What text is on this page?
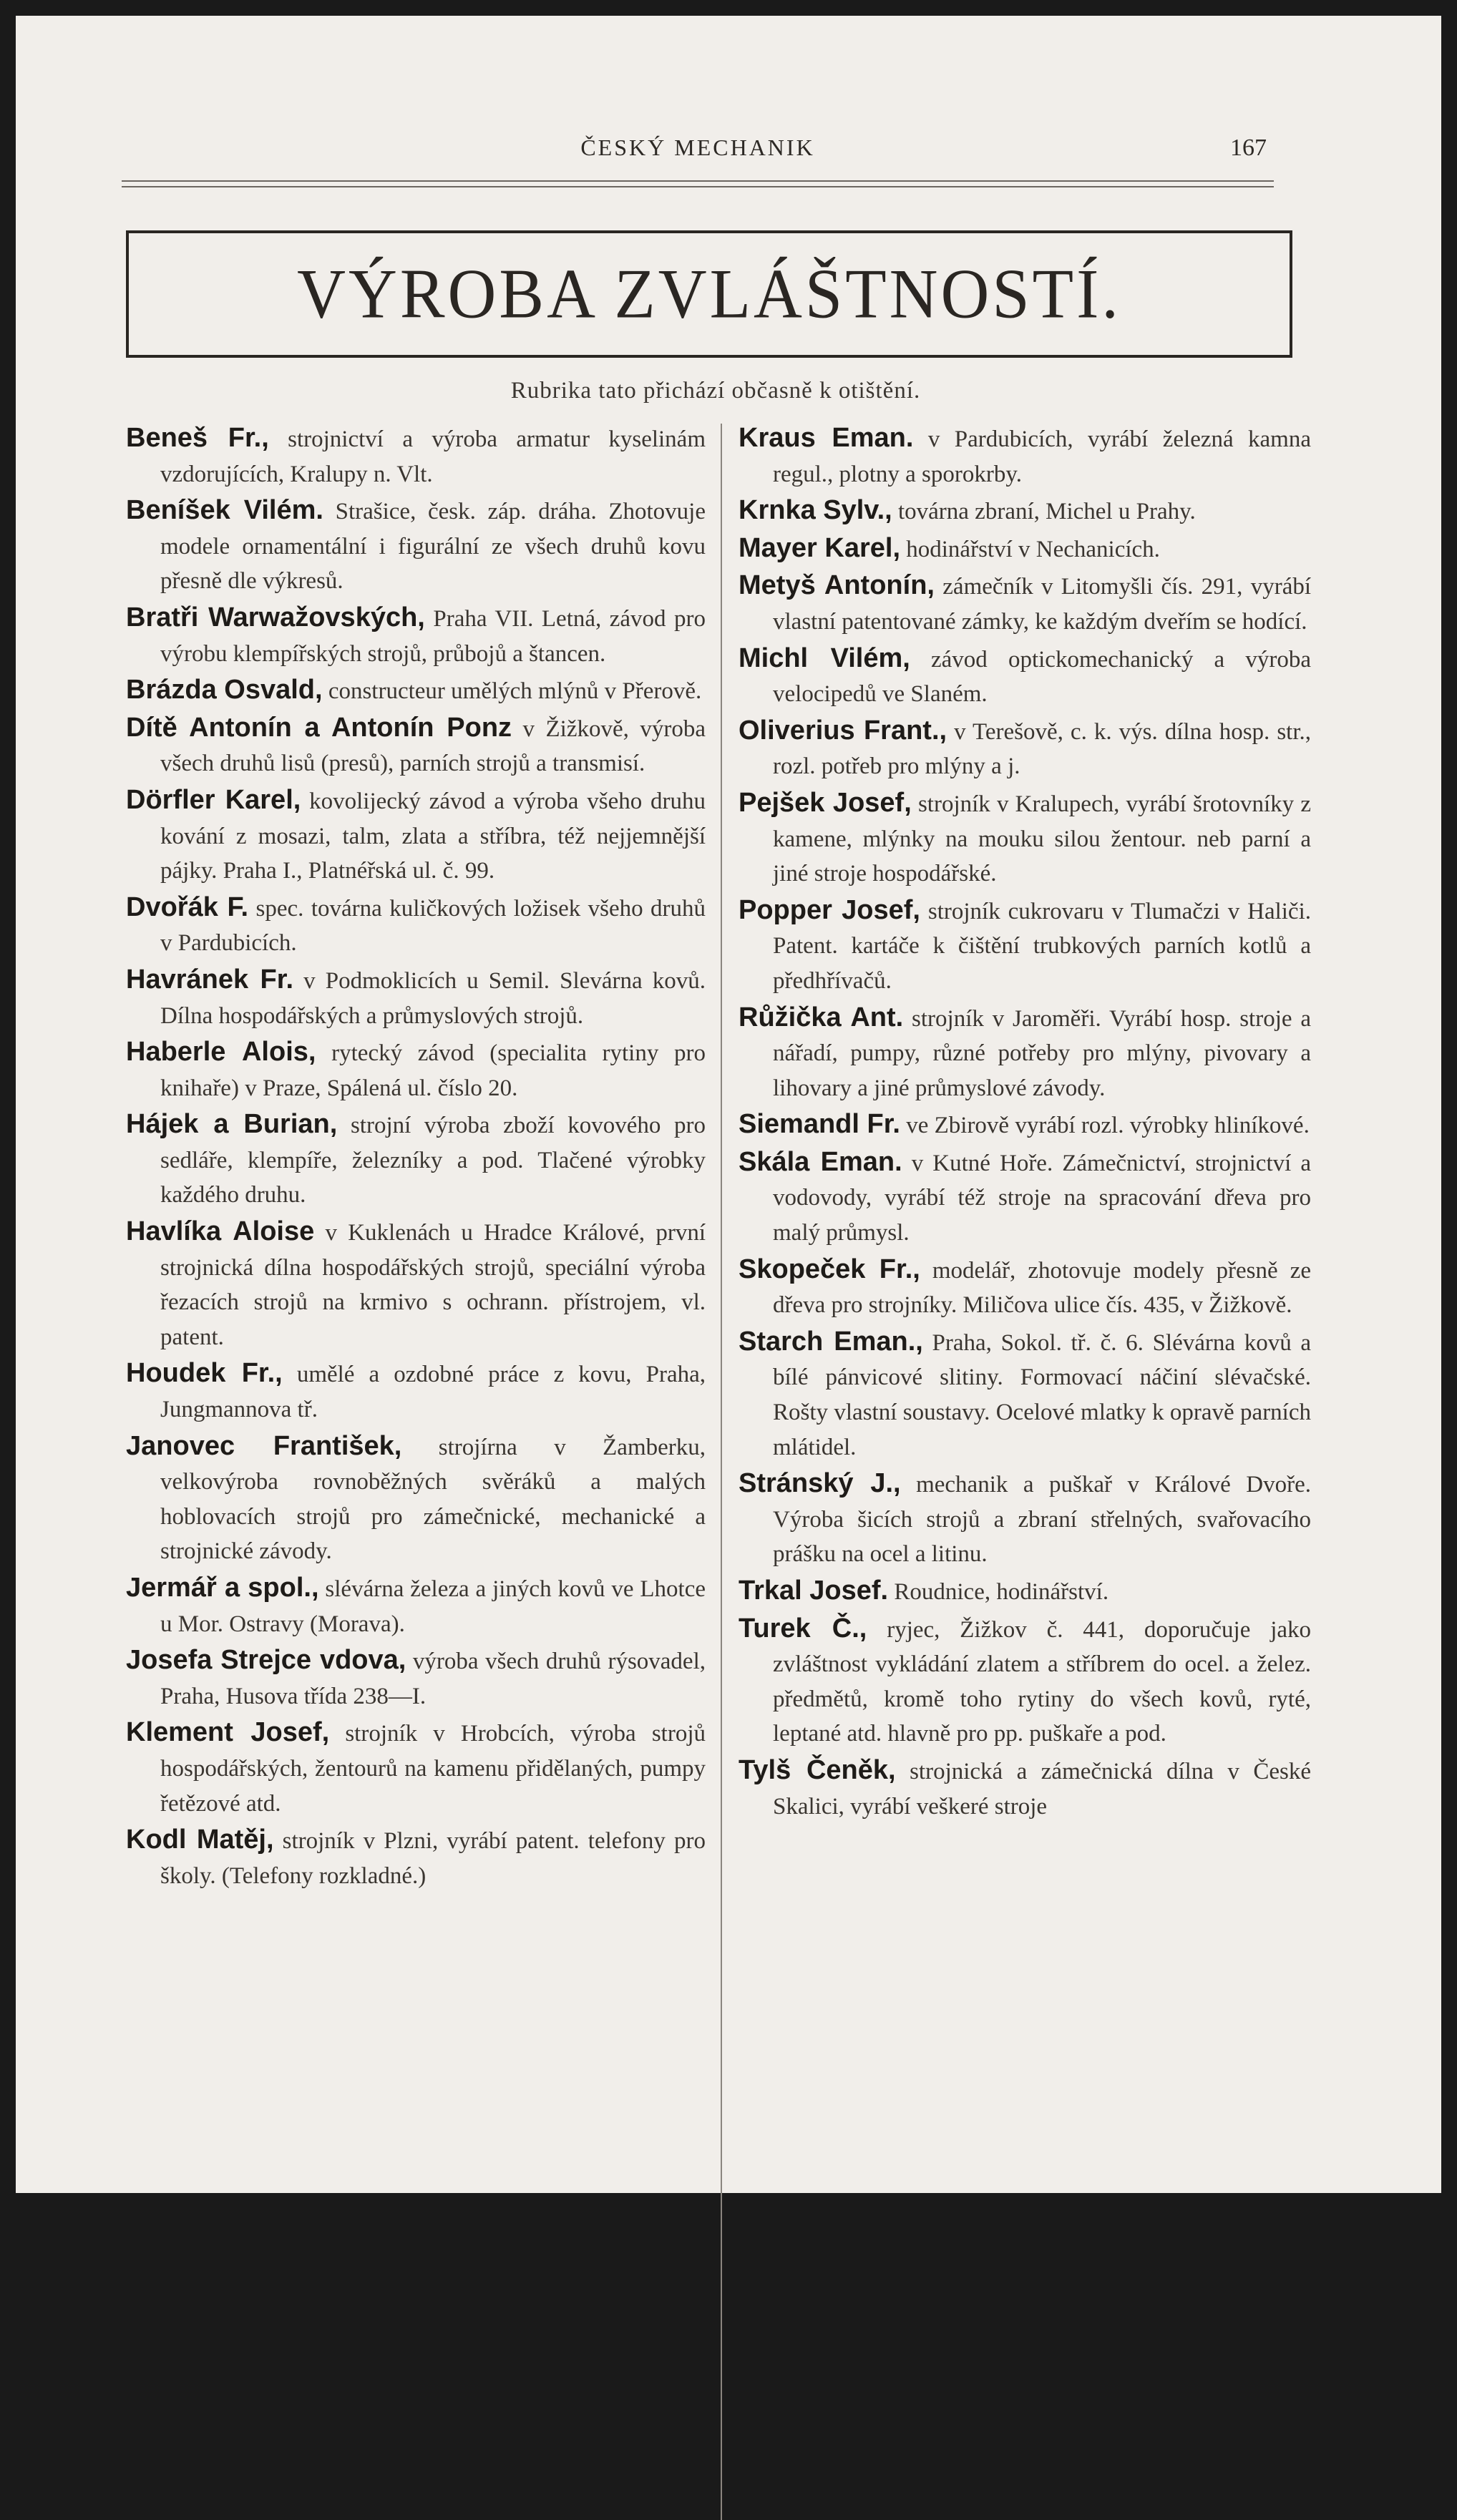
ČESKÝ MECHANIK	167
VÝROBA ZVLÁŠTNOSTÍ.
Rubrika tato přichází občasně k otištění.

Beneš Fr., strojnictví a výroba armatur kyselinám vzdorujících, Kralupy n. Vlt.

Beníšek Vilém. Strašice, česk. záp. dráha. Zhotovuje modele ornamentální i figurální ze všech druhů kovu přesně dle výkresů.

Bratři Warwažovských, Praha VII. Letná, závod pro výrobu klempířských strojů, průbojů a štancen.

Brázda Osvald, constructeur umělých mlýnů v Přerově.

Dítě Antonín a Antonín Ponz v Žižkově, výroba všech druhů lisů (presů), parních strojů a transmisí.

Dörfler Karel, kovolijecký závod a výroba všeho druhu kování z mosazi, talm, zlata a stříbra, též nejjemnější pájky. Praha I., Platnéřská ul. č. 99.

Dvořák F. spec. továrna kuličkových ložisek všeho druhů v Pardubicích.

Havránek Fr. v Podmoklicích u Semil. Slevárna kovů. Dílna hospodářských a průmyslových strojů.

Haberle Alois, rytecký závod (specialita rytiny pro knihaře) v Praze, Spálená ul. číslo 20.

Hájek a Burian, strojní výroba zboží kovového pro sedláře, klempíře, železníky a pod. Tlačené výrobky každého druhu.

Havlíka Aloise v Kuklenách u Hradce Králové, první strojnická dílna hospodářských strojů, speciální výroba řezacích strojů na krmivo s ochrann. přístrojem, vl. patent.

Houdek Fr., umělé a ozdobné práce z kovu, Praha, Jungmannova tř.

Janovec František, strojírna v Žamberku, velkovýroba rovnoběžných svěráků a malých hoblovacích strojů pro zámečnické, mechanické a strojnické závody.

Jermář a spol., slévárna železa a jiných kovů ve Lhotce u Mor. Ostravy (Morava).

Josefa Strejce vdova, výroba všech druhů rýsovadel, Praha, Husova třída 238—I.

Klement Josef, strojník v Hrobcích, výroba strojů hospodářských, žentourů na kamenu přidělaných, pumpy řetězové atd.

Kodl Matěj, strojník v Plzni, vyrábí patent. telefony pro školy. (Telefony rozkladné.)

Kraus Eman. v Pardubicích, vyrábí železná kamna regul., plotny a sporokrby.

Krnka Sylv., továrna zbraní, Michel u Prahy.

Mayer Karel, hodinářství v Nechanicích.

Metyš Antonín, zámečník v Litomyšli čís. 291, vyrábí vlastní patentované zámky, ke každým dveřím se hodící.

Michl Vilém, závod optickomechanický a výroba velocipedů ve Slaném.

Oliverius Frant., v Terešově, c. k. výs. dílna hosp. str., rozl. potřeb pro mlýny a j.

Pejšek Josef, strojník v Kralupech, vyrábí šrotovníky z kamene, mlýnky na mouku silou žentour. neb parní a jiné stroje hospodářské.

Popper Josef, strojník cukrovaru v Tlumačzi v Haliči. Patent. kartáče k čištění trubkových parních kotlů a předhřívačů.

Růžička Ant. strojník v Jaroměři. Vyrábí hosp. stroje a nářadí, pumpy, různé potřeby pro mlýny, pivovary a lihovary a jiné průmyslové závody.

Siemandl Fr. ve Zbirově vyrábí rozl. výrobky hliníkové.

Skála Eman. v Kutné Hoře. Zámečnictví, strojnictví a vodovody, vyrábí též stroje na spracování dřeva pro malý průmysl.

Skopeček Fr., modelář, zhotovuje modely přesně ze dřeva pro strojníky. Miličova ulice čís. 435, v Žižkově.

Starch Eman., Praha, Sokol. tř. č. 6. Slévárna kovů a bílé pánvicové slitiny. Formovací náčiní slévačské. Rošty vlastní soustavy. Ocelové mlatky k opravě parních mlátidel.

Stránský J., mechanik a puškař v Králové Dvoře. Výroba šicích strojů a zbraní střelných, svařovacího prášku na ocel a litinu.

Trkal Josef. Roudnice, hodinářství.

Turek Č., ryjec, Žižkov č. 441, doporučuje jako zvláštnost vykládání zlatem a stříbrem do ocel. a želez. předmětů, kromě toho rytiny do všech kovů, ryté, leptané atd. hlavně pro pp. puškaře a pod.

Tylš Čeněk, strojnická a zámečnická dílna v České Skalici, vyrábí veškeré stroje
